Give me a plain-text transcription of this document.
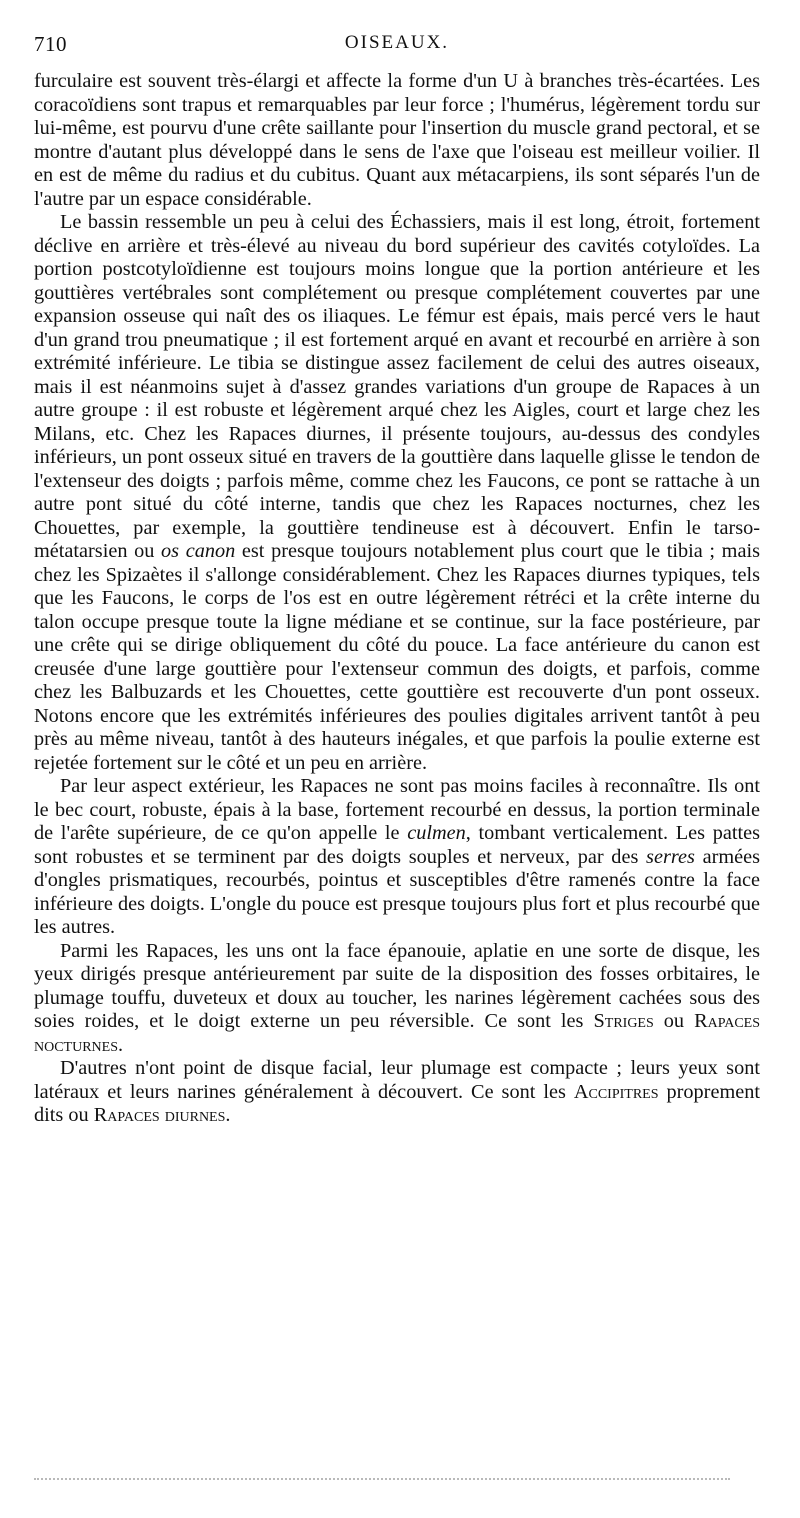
710	OISEAUX.

furculaire est souvent très-élargi et affecte la forme d'un U à branches très-écartées. Les coracoïdiens sont trapus et remarquables par leur force ; l'humérus, légèrement tordu sur lui-même, est pourvu d'une crête saillante pour l'insertion du muscle grand pectoral, et se montre d'autant plus développé dans le sens de l'axe que l'oiseau est meilleur voilier. Il en est de même du radius et du cubitus. Quant aux métacarpiens, ils sont séparés l'un de l'autre par un espace considérable.

Le bassin ressemble un peu à celui des Échassiers, mais il est long, étroit, fortement déclive en arrière et très-élevé au niveau du bord supérieur des cavités cotyloïdes. La portion postcotyloïdienne est toujours moins longue que la portion antérieure et les gouttières vertébrales sont complétement ou presque complétement couvertes par une expansion osseuse qui naît des os iliaques. Le fémur est épais, mais percé vers le haut d'un grand trou pneumatique ; il est fortement arqué en avant et recourbé en arrière à son extrémité inférieure. Le tibia se distingue assez facilement de celui des autres oiseaux, mais il est néanmoins sujet à d'assez grandes variations d'un groupe de Rapaces à un autre groupe : il est robuste et légèrement arqué chez les Aigles, court et large chez les Milans, etc. Chez les Rapaces diurnes, il présente toujours, au-dessus des condyles inférieurs, un pont osseux situé en travers de la gouttière dans laquelle glisse le tendon de l'extenseur des doigts ; parfois même, comme chez les Faucons, ce pont se rattache à un autre pont situé du côté interne, tandis que chez les Rapaces nocturnes, chez les Chouettes, par exemple, la gouttière tendineuse est à découvert. Enfin le tarso-métatarsien ou os canon est presque toujours notablement plus court que le tibia ; mais chez les Spizaètes il s'allonge considérablement. Chez les Rapaces diurnes typiques, tels que les Faucons, le corps de l'os est en outre légèrement rétréci et la crête interne du talon occupe presque toute la ligne médiane et se continue, sur la face postérieure, par une crête qui se dirige obliquement du côté du pouce. La face antérieure du canon est creusée d'une large gouttière pour l'extenseur commun des doigts, et parfois, comme chez les Balbuzards et les Chouettes, cette gouttière est recouverte d'un pont osseux. Notons encore que les extrémités inférieures des poulies digitales arrivent tantôt à peu près au même niveau, tantôt à des hauteurs inégales, et que parfois la poulie externe est rejetée fortement sur le côté et un peu en arrière.

Par leur aspect extérieur, les Rapaces ne sont pas moins faciles à reconnaître. Ils ont le bec court, robuste, épais à la base, fortement recourbé en dessus, la portion terminale de l'arête supérieure, de ce qu'on appelle le culmen, tombant verticalement. Les pattes sont robustes et se terminent par des doigts souples et nerveux, par des serres armées d'ongles prismatiques, recourbés, pointus et susceptibles d'être ramenés contre la face inférieure des doigts. L'ongle du pouce est presque toujours plus fort et plus recourbé que les autres.

Parmi les Rapaces, les uns ont la face épanouie, aplatie en une sorte de disque, les yeux dirigés presque antérieurement par suite de la disposition des fosses orbitaires, le plumage touffu, duveteux et doux au toucher, les narines légèrement cachées sous des soies roides, et le doigt externe un peu réversible. Ce sont les Striges ou Rapaces nocturnes.

D'autres n'ont point de disque facial, leur plumage est compacte ; leurs yeux sont latéraux et leurs narines généralement à découvert. Ce sont les Accipitres proprement dits ou Rapaces diurnes.
